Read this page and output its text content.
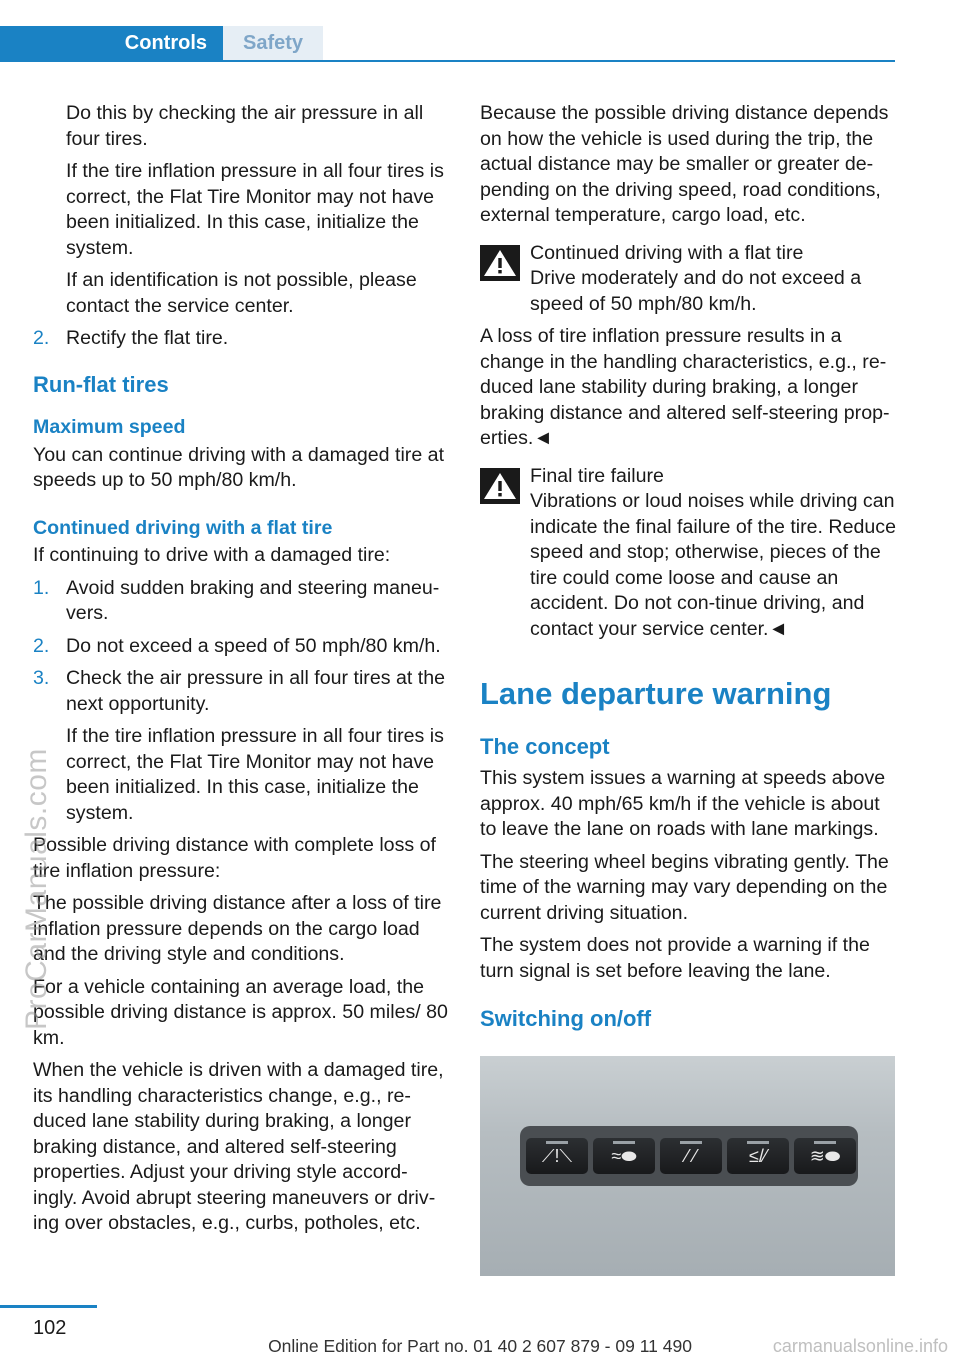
Controls Safety

Do this by checking the air pressure in all four tires.

If the tire inflation pressure in all four tires is correct, the Flat Tire Monitor may not have been initialized. In this case, initialize the system.

If an identification is not possible, please contact the service center.

2. Rectify the flat tire.
Run-flat tires
Maximum speed

You can continue driving with a damaged tire at speeds up to 50 mph/80 km/h.

Continued driving with a flat tire

If continuing to drive with a damaged tire:

1. Avoid sudden braking and steering maneu‐vers.
2. Do not exceed a speed of 50 mph/80 km/h.
3. Check the air pressure in all four tires at the next opportunity.

If the tire inflation pressure in all four tires is correct, the Flat Tire Monitor may not have been initialized. In this case, initialize the system.

Possible driving distance with complete loss of tire inflation pressure:

The possible driving distance after a loss of tire inflation pressure depends on the cargo load and the driving style and conditions.

For a vehicle containing an average load, the possible driving distance is approx. 50 miles/ 80 km.

When the vehicle is driven with a damaged tire, its handling characteristics change, e.g., re‐duced lane stability during braking, a longer braking distance, and altered self-steering properties. Adjust your driving style accord‐ingly. Avoid abrupt steering maneuvers or driv‐ing over obstacles, e.g., curbs, potholes, etc.

Because the possible driving distance depends on how the vehicle is used during the trip, the actual distance may be smaller or greater de‐pending on the driving speed, road conditions, external temperature, cargo load, etc.

Continued driving with a flat tire
Drive moderately and do not exceed a speed of 50 mph/80 km/h.

A loss of tire inflation pressure results in a change in the handling characteristics, e.g., re‐duced lane stability during braking, a longer braking distance and altered self-steering prop‐erties.◄

Final tire failure
Vibrations or loud noises while driving can indicate the final failure of the tire. Reduce speed and stop; otherwise, pieces of the tire could come loose and cause an accident. Do not con‐tinue driving, and contact your service center.◄
Lane departure warning
The concept

This system issues a warning at speeds above approx. 40 mph/65 km/h if the vehicle is about to leave the lane on roads with lane markings.

The steering wheel begins vibrating gently. The time of the warning may vary depending on the current driving situation.

The system does not provide a warning if the turn signal is set before leaving the lane.

Switching on/off
⟋!⟍	≈⬬	⁄ ⁄	≤/⁄	≋⬬
102
Online Edition for Part no. 01 40 2 607 879 - 09 11 490
ProCarManuals.com
carmanualsonline.info
